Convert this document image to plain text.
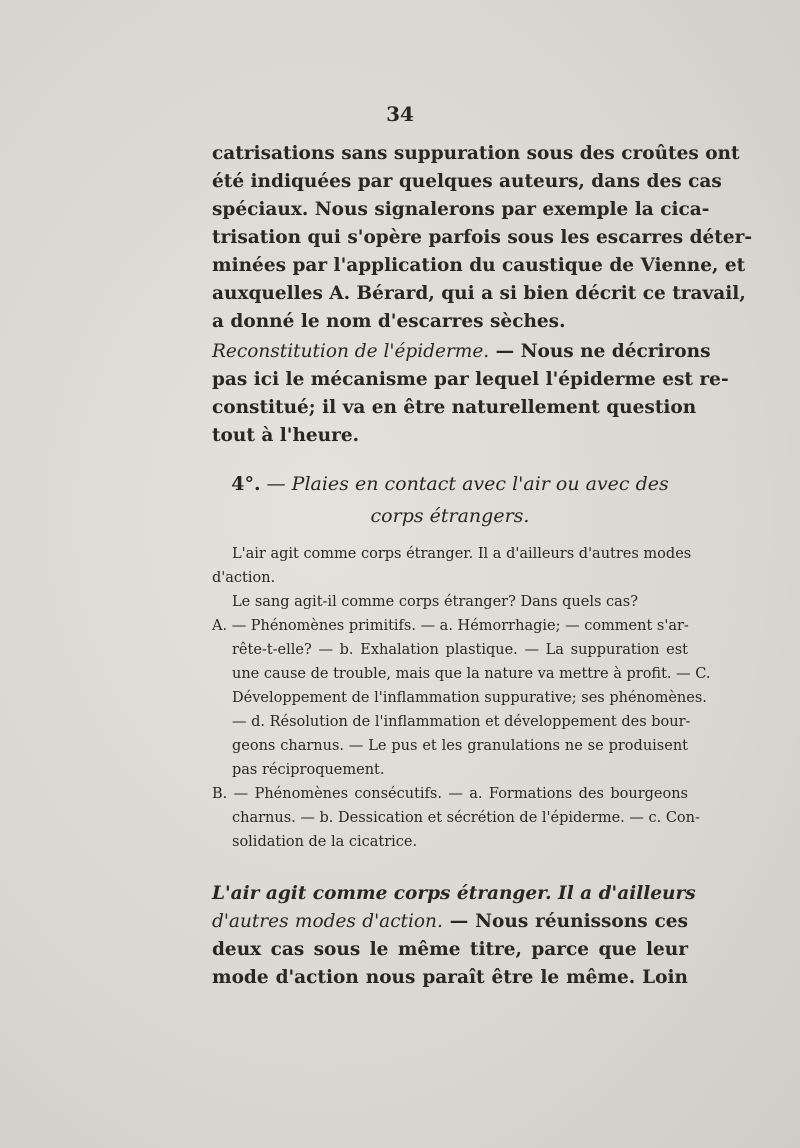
34
catrisations sans suppuration sous des croûtes ont
été indiquées par quelques auteurs, dans des cas
spéciaux. Nous signalerons par exemple la cica-
trisation qui s'opère parfois sous les escarres déter-
minées par l'application du caustique de Vienne, et
auxquelles A. Bérard, qui a si bien décrit ce travail,
a donné le nom d'escarres sèches.
Reconstitution de l'épiderme. — Nous ne décrirons
pas ici le mécanisme par lequel l'épiderme est re-
constitué; il va en être naturellement question
tout à l'heure.
4°. — Plaies en contact avec l'air ou avec des
corps étrangers.
L'air agit comme corps étranger. Il a d'ailleurs d'autres modes
d'action.
Le sang agit-il comme corps étranger? Dans quels cas?
A. — Phénomènes primitifs. — a. Hémorrhagie; — comment s'ar-
rête-t-elle? — b. Exhalation plastique. — La suppuration est
une cause de trouble, mais que la nature va mettre à profit. — C.
Développement de l'inflammation suppurative; ses phénomènes.
— d. Résolution de l'inflammation et développement des bour-
geons charnus. — Le pus et les granulations ne se produisent
pas réciproquement.
B. — Phénomènes consécutifs. — a. Formations des bourgeons
charnus. — b. Dessication et sécrétion de l'épiderme. — c. Con-
solidation de la cicatrice.
L'air agit comme corps étranger. Il a d'ailleurs
d'autres modes d'action. — Nous réunissons ces
deux cas sous le même titre, parce que leur
mode d'action nous paraît être le même. Loin
